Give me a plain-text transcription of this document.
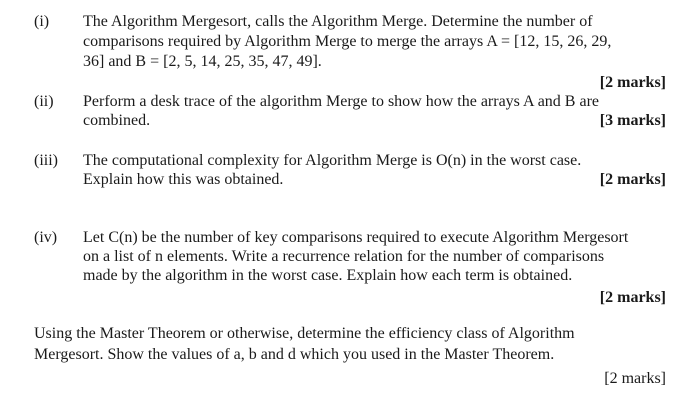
(i) The Algorithm Mergesort, calls the Algorithm Merge. Determine the number of
comparisons required by Algorithm Merge to merge the arrays A = [12, 15, 26, 29,
36] and B = [2, 5, 14, 25, 35, 47, 49].
[2 marks]
(ii) Perform a desk trace of the algorithm Merge to show how the arrays A and B are
combined.	[3 marks]
(iii) The computational complexity for Algorithm Merge is O(n) in the worst case.
Explain how this was obtained.	[2 marks]
(iv) Let C(n) be the number of key comparisons required to execute Algorithm Mergesort
on a list of n elements. Write a recurrence relation for the number of comparisons
made by the algorithm in the worst case. Explain how each term is obtained.
[2 marks]
Using the Master Theorem or otherwise, determine the efficiency class of Algorithm
Mergesort. Show the values of a, b and d which you used in the Master Theorem.
[2 marks]
